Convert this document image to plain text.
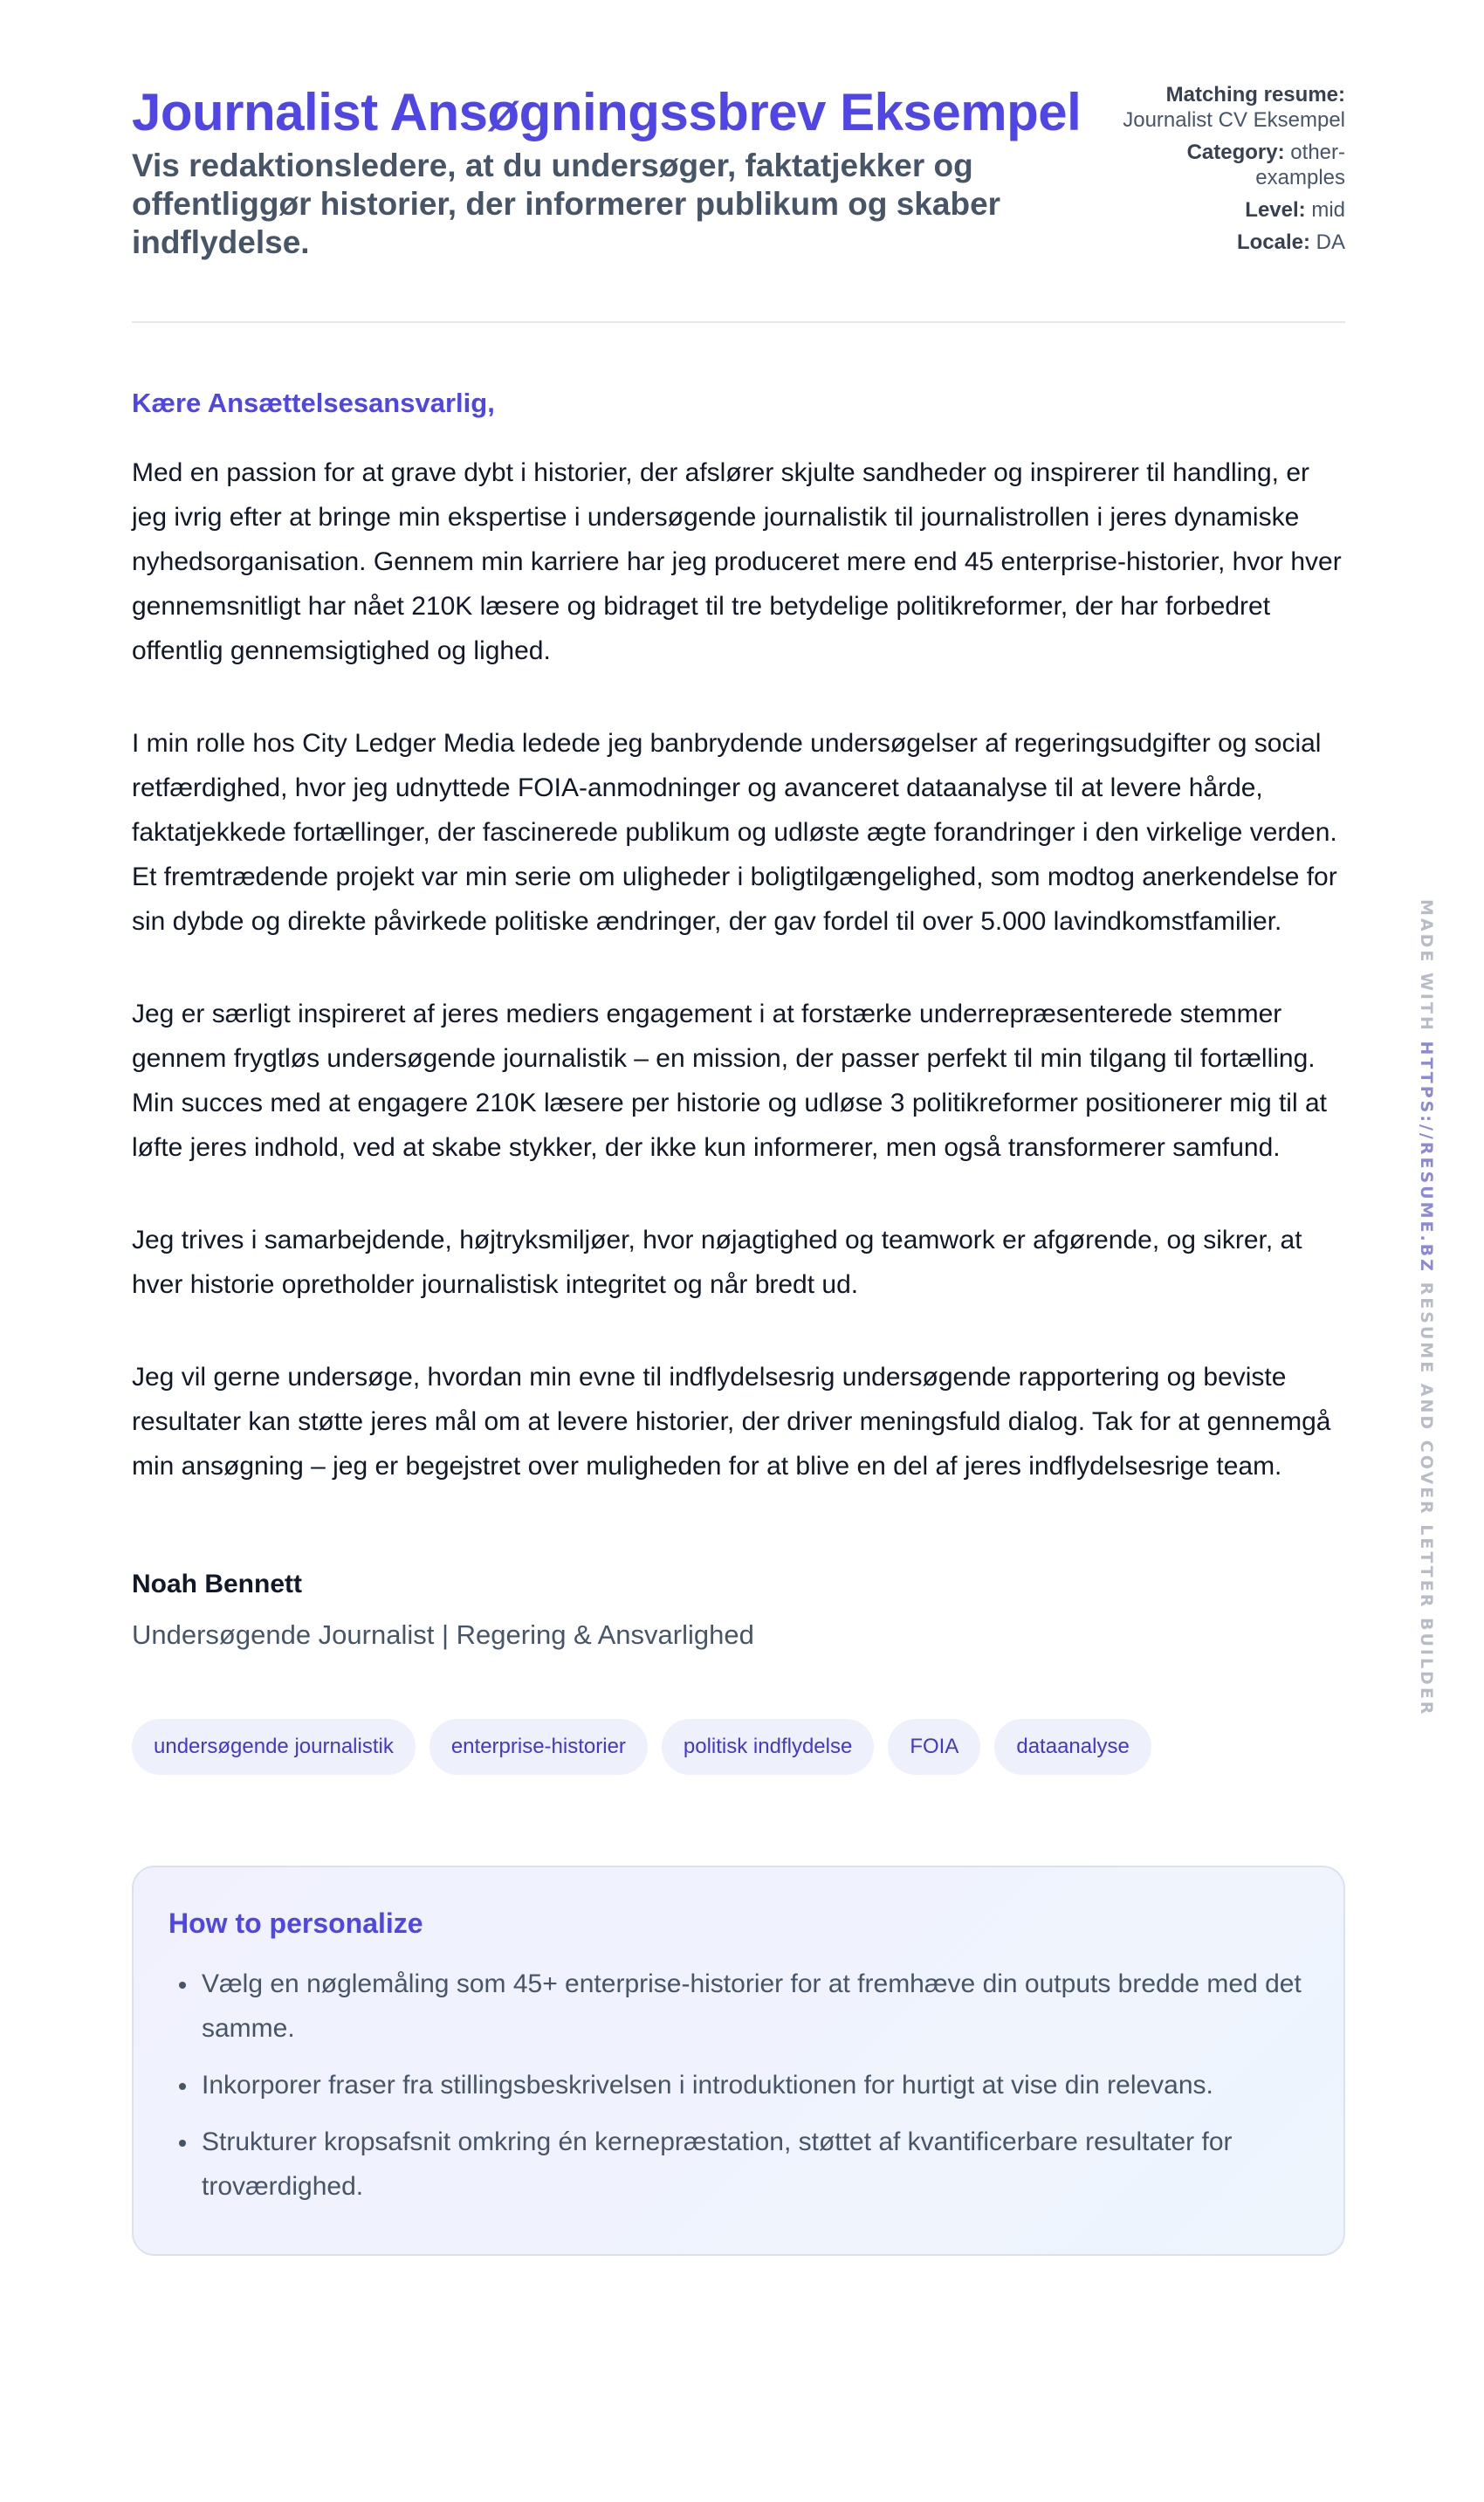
Journalist Ansøgningssbrev Eksempel
Vis redaktionsledere, at du undersøger, faktatjekker og offentliggør historier, der informerer publikum og skaber indflydelse.
Matching resume: Journalist CV Eksempel
Category: other-examples
Level: mid
Locale: DA
Kære Ansættelsesansvarlig,

Med en passion for at grave dybt i historier, der afslører skjulte sandheder og inspirerer til handling, er jeg ivrig efter at bringe min ekspertise i undersøgende journalistik til journalistrollen i jeres dynamiske nyhedsorganisation. Gennem min karriere har jeg produceret mere end 45 enterprise-historier, hvor hver gennemsnitligt har nået 210K læsere og bidraget til tre betydelige politikreformer, der har forbedret offentlig gennemsigtighed og lighed.

I min rolle hos City Ledger Media ledede jeg banbrydende undersøgelser af regeringsudgifter og social retfærdighed, hvor jeg udnyttede FOIA-anmodninger og avanceret dataanalyse til at levere hårde, faktatjekkede fortællinger, der fascinerede publikum og udløste ægte forandringer i den virkelige verden. Et fremtrædende projekt var min serie om uligheder i boligtilgængelighed, som modtog anerkendelse for sin dybde og direkte påvirkede politiske ændringer, der gav fordel til over 5.000 lavindkomstfamilier.

Jeg er særligt inspireret af jeres mediers engagement i at forstærke underrepræsenterede stemmer gennem frygtløs undersøgende journalistik – en mission, der passer perfekt til min tilgang til fortælling. Min succes med at engagere 210K læsere per historie og udløse 3 politikreformer positionerer mig til at løfte jeres indhold, ved at skabe stykker, der ikke kun informerer, men også transformerer samfund.

Jeg trives i samarbejdende, højtryksmiljøer, hvor nøjagtighed og teamwork er afgørende, og sikrer, at hver historie opretholder journalistisk integritet og når bredt ud.

Jeg vil gerne undersøge, hvordan min evne til indflydelsesrig undersøgende rapportering og beviste resultater kan støtte jeres mål om at levere historier, der driver meningsfuld dialog. Tak for at gennemgå min ansøgning – jeg er begejstret over muligheden for at blive en del af jeres indflydelsesrige team.

Noah Bennett
Undersøgende Journalist | Regering & Ansvarlighed
undersøgende journalistik	enterprise-historier	politisk indflydelse	FOIA	dataanalyse
How to personalize
Vælg en nøglemåling som 45+ enterprise-historier for at fremhæve din outputs bredde med det samme.
Inkorporer fraser fra stillingsbeskrivelsen i introduktionen for hurtigt at vise din relevans.
Strukturer kropsafsnit omkring én kernepræstation, støttet af kvantificerbare resultater for troværdighed.
MADE WITH HTTPS://RESUME.BZ RESUME AND COVER LETTER BUILDER
